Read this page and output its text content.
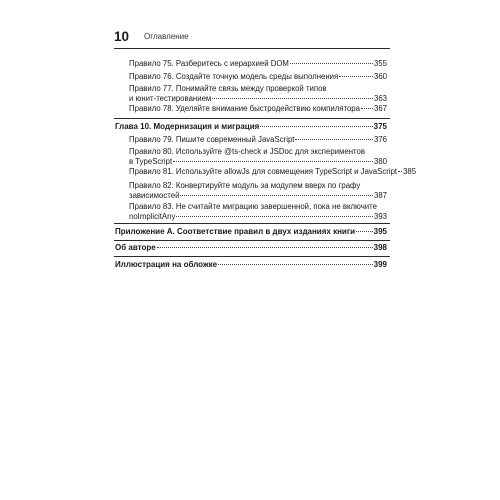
10 Оглавление
Правило 75. Разберитесь с иерархией DOM	355
Правило 76. Создайте точную модель среды выполнения	360
Правило 77. Понимайте связь между проверкой типов
и юнит-тестированием	363
Правило 78. Уделяйте внимание быстродействию компилятора 367
Глава 10. Модернизация и миграция	375
Правило 79. Пишите современный JavaScript	376
Правило 80. Используйте @ts-check и JSDoc для экспериментов
в TypeScript	380
Правило 81. Используйте allowJs для совмещения TypeScript и JavaScript 385
Правило 82. Конвертируйте модуль за модулем вверх по графу
зависимостей	387
Правило 83. Не считайте миграцию завершенной, пока не включите
noImplicitAny	393
Приложение А. Соответствие правил в двух изданиях книги 395
Об авторе	398
Иллюстрация на обложке	399
